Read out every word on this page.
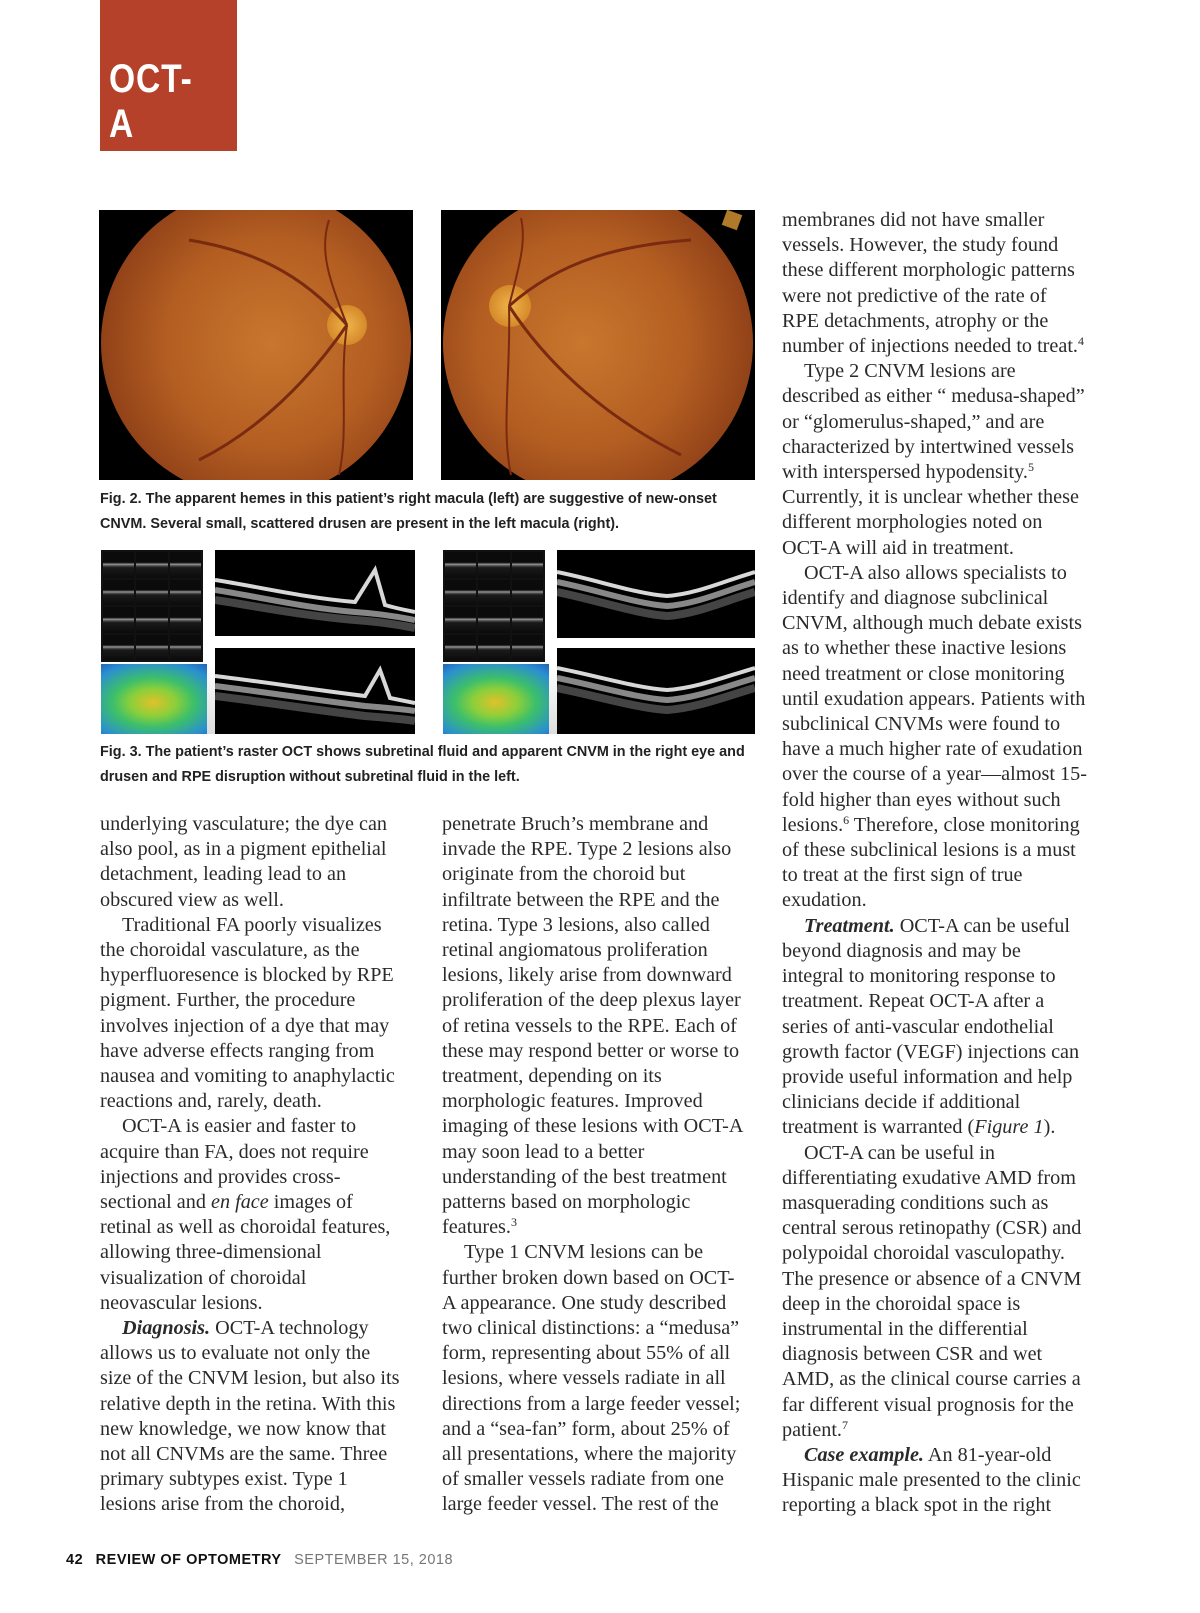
OCT-A
Fig. 2. The apparent hemes in this patient’s right macula (left) are suggestive of new-onset CNVM. Several small, scattered drusen are present in the left macula (right).
Fig. 3. The patient’s raster OCT shows subretinal fluid and apparent CNVM in the right eye and drusen and RPE disruption without subretinal fluid in the left.

underlying vasculature; the dye can also pool, as in a pigment epithelial detachment, leading lead to an obscured view as well.

Traditional FA poorly visualizes the choroidal vasculature, as the hyperfluoresence is blocked by RPE pigment. Further, the procedure involves injection of a dye that may have adverse effects ranging from nausea and vomiting to anaphylactic reactions and, rarely, death.

OCT-A is easier and faster to acquire than FA, does not require injections and provides cross-sectional and en face images of retinal as well as choroidal features, allowing three-dimensional visualization of choroidal neovascular lesions.

Diagnosis. OCT-A technology allows us to evaluate not only the size of the CNVM lesion, but also its relative depth in the retina. With this new knowledge, we now know that not all CNVMs are the same. Three primary subtypes exist. Type 1 lesions arise from the choroid,

penetrate Bruch’s membrane and invade the RPE. Type 2 lesions also originate from the choroid but infiltrate between the RPE and the retina. Type 3 lesions, also called retinal angiomatous proliferation lesions, likely arise from downward proliferation of the deep plexus layer of retina vessels to the RPE. Each of these may respond better or worse to treatment, depending on its morphologic features. Improved imaging of these lesions with OCT-A may soon lead to a better understanding of the best treatment patterns based on morphologic features.$^3$

Type 1 CNVM lesions can be further broken down based on OCT-A appearance. One study described two clinical distinctions: a “medusa” form, representing about 55% of all lesions, where vessels radiate in all directions from a large feeder vessel; and a “sea-fan” form, about 25% of all presentations, where the majority of smaller vessels radiate from one large feeder vessel. The rest of the

membranes did not have smaller vessels. However, the study found these different morphologic patterns were not predictive of the rate of RPE detachments, atrophy or the number of injections needed to treat.$^4$

Type 2 CNVM lesions are described as either “ medusa-shaped” or “glomerulus-shaped,” and are characterized by intertwined vessels with interspersed hypodensity.$^5$ Currently, it is unclear whether these different morphologies noted on OCT-A will aid in treatment.

OCT-A also allows specialists to identify and diagnose subclinical CNVM, although much debate exists as to whether these inactive lesions need treatment or close monitoring until exudation appears. Patients with subclinical CNVMs were found to have a much higher rate of exudation over the course of a year—almost 15-fold higher than eyes without such lesions.$^6$ Therefore, close monitoring of these subclinical lesions is a must to treat at the first sign of true exudation.

Treatment. OCT-A can be useful beyond diagnosis and may be integral to monitoring response to treatment. Repeat OCT-A after a series of anti-vascular endothelial growth factor (VEGF) injections can provide useful information and help clinicians decide if additional treatment is warranted (Figure 1).

OCT-A can be useful in differentiating exudative AMD from masquerading conditions such as central serous retinopathy (CSR) and polypoidal choroidal vasculopathy. The presence or absence of a CNVM deep in the choroidal space is instrumental in the differential diagnosis between CSR and wet AMD, as the clinical course carries a far different visual prognosis for the patient.$^7$

Case example. An 81-year-old Hispanic male presented to the clinic reporting a black spot in the right

42 REVIEW OF OPTOMETRY SEPTEMBER 15, 2018
